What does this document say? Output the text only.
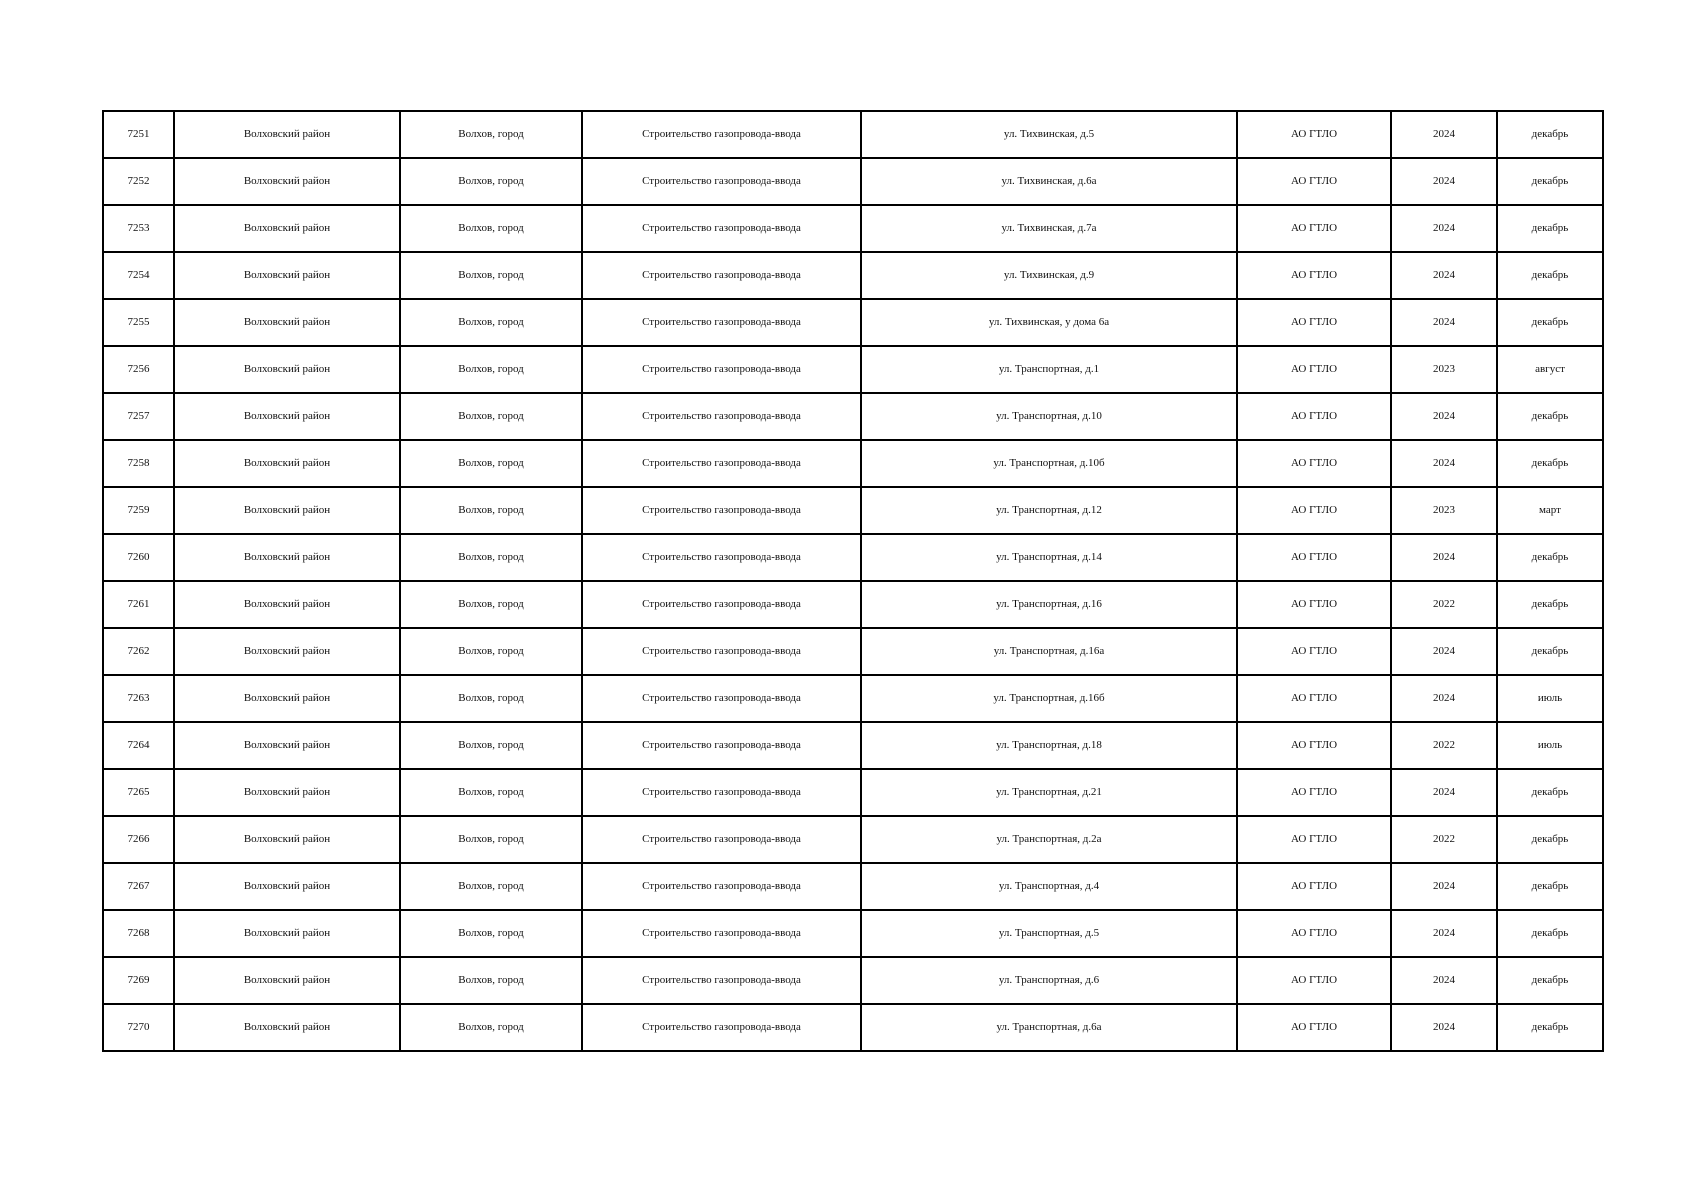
7251	Волховский район	Волхов, город	Строительство газопровода-ввода	ул. Тихвинская, д.5	АО ГТЛО	2024	декабрь
7252	Волховский район	Волхов, город	Строительство газопровода-ввода	ул. Тихвинская, д.6а	АО ГТЛО	2024	декабрь
7253	Волховский район	Волхов, город	Строительство газопровода-ввода	ул. Тихвинская, д.7а	АО ГТЛО	2024	декабрь
7254	Волховский район	Волхов, город	Строительство газопровода-ввода	ул. Тихвинская, д.9	АО ГТЛО	2024	декабрь
7255	Волховский район	Волхов, город	Строительство газопровода-ввода	ул. Тихвинская, у дома 6а	АО ГТЛО	2024	декабрь
7256	Волховский район	Волхов, город	Строительство газопровода-ввода	ул. Транспортная, д.1	АО ГТЛО	2023	август
7257	Волховский район	Волхов, город	Строительство газопровода-ввода	ул. Транспортная, д.10	АО ГТЛО	2024	декабрь
7258	Волховский район	Волхов, город	Строительство газопровода-ввода	ул. Транспортная, д.10б	АО ГТЛО	2024	декабрь
7259	Волховский район	Волхов, город	Строительство газопровода-ввода	ул. Транспортная, д.12	АО ГТЛО	2023	март
7260	Волховский район	Волхов, город	Строительство газопровода-ввода	ул. Транспортная, д.14	АО ГТЛО	2024	декабрь
7261	Волховский район	Волхов, город	Строительство газопровода-ввода	ул. Транспортная, д.16	АО ГТЛО	2022	декабрь
7262	Волховский район	Волхов, город	Строительство газопровода-ввода	ул. Транспортная, д.16а	АО ГТЛО	2024	декабрь
7263	Волховский район	Волхов, город	Строительство газопровода-ввода	ул. Транспортная, д.16б	АО ГТЛО	2024	июль
7264	Волховский район	Волхов, город	Строительство газопровода-ввода	ул. Транспортная, д.18	АО ГТЛО	2022	июль
7265	Волховский район	Волхов, город	Строительство газопровода-ввода	ул. Транспортная, д.21	АО ГТЛО	2024	декабрь
7266	Волховский район	Волхов, город	Строительство газопровода-ввода	ул. Транспортная, д.2а	АО ГТЛО	2022	декабрь
7267	Волховский район	Волхов, город	Строительство газопровода-ввода	ул. Транспортная, д.4	АО ГТЛО	2024	декабрь
7268	Волховский район	Волхов, город	Строительство газопровода-ввода	ул. Транспортная, д.5	АО ГТЛО	2024	декабрь
7269	Волховский район	Волхов, город	Строительство газопровода-ввода	ул. Транспортная, д.6	АО ГТЛО	2024	декабрь
7270	Волховский район	Волхов, город	Строительство газопровода-ввода	ул. Транспортная, д.6а	АО ГТЛО	2024	декабрь
